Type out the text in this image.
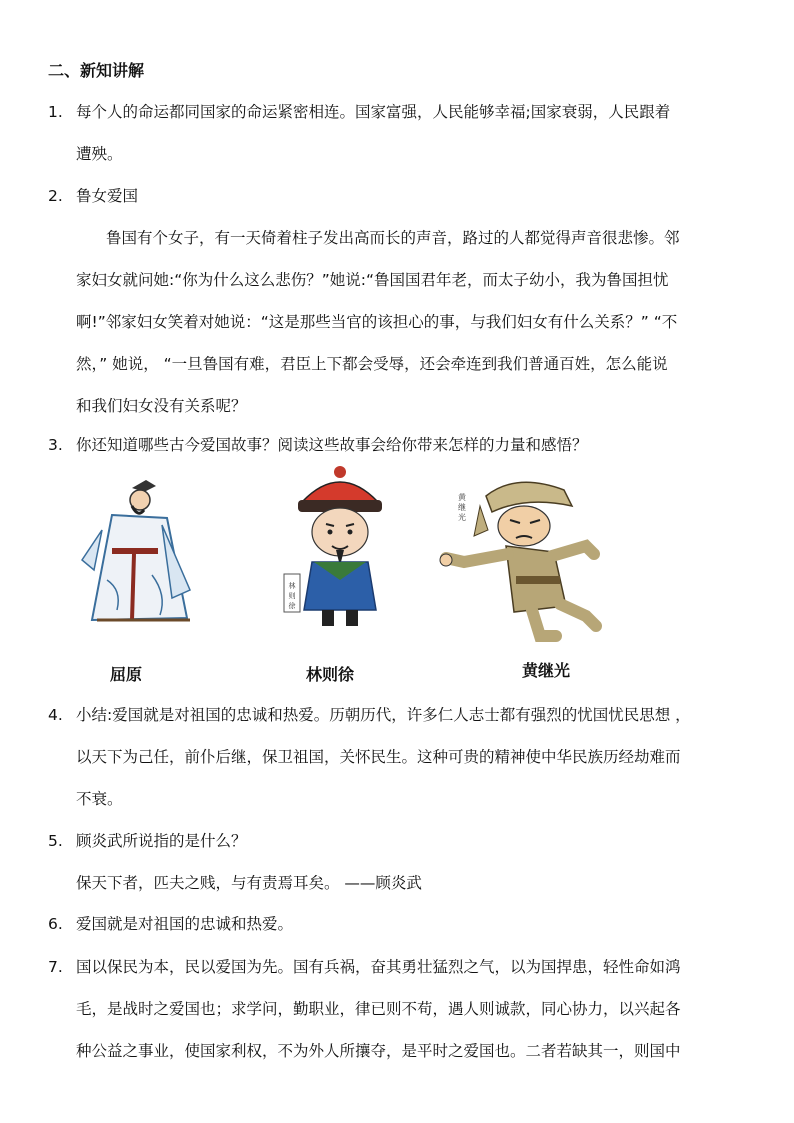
二、新知讲解
1. 每个人的命运都同国家的命运紧密相连。国家富强，人民能够幸福;国家衰弱，人民跟着

遭殃。

2. 鲁女爱国

鲁国有个女子，有一天倚着柱子发出高而长的声音，路过的人都觉得声音很悲惨。邻

家妇女就问她:“你为什么这么悲伤？”她说:“鲁国国君年老，而太子幼小，我为鲁国担忧

啊!”邻家妇女笑着对她说：“这是那些当官的该担心的事，与我们妇女有什么关系？” “不

然，” 她说， “一旦鲁国有难，君臣上下都会受辱，还会牵连到我们普通百姓，怎么能说

和我们妇女没有关系呢？

3. 你还知道哪些古今爱国故事？阅读这些故事会给你带来怎样的力量和感悟？

屈原
林
则
徐
林则徐
黄
继
光
黄继光
4. 小结:爱国就是对祖国的忠诚和热爱。历朝历代，许多仁人志士都有强烈的忧国忧民思想 ，

以天下为己任，前仆后继，保卫祖国，关怀民生。这种可贵的精神使中华民族历经劫难而

不衰。

5. 顾炎武所说指的是什么？

保天下者，匹夫之贱，与有责焉耳矣。 ——顾炎武

6. 爱国就是对祖国的忠诚和热爱。

7. 国以保民为本，民以爱国为先。国有兵祸，奋其勇壮猛烈之气，以为国捍患，轻性命如鸿

毛，是战时之爱国也；求学问，勤职业，律已则不苟，遇人则诚款，同心协力，以兴起各

种公益之事业，使国家利权，不为外人所攘夺，是平时之爱国也。二者若缺其一，则国中
